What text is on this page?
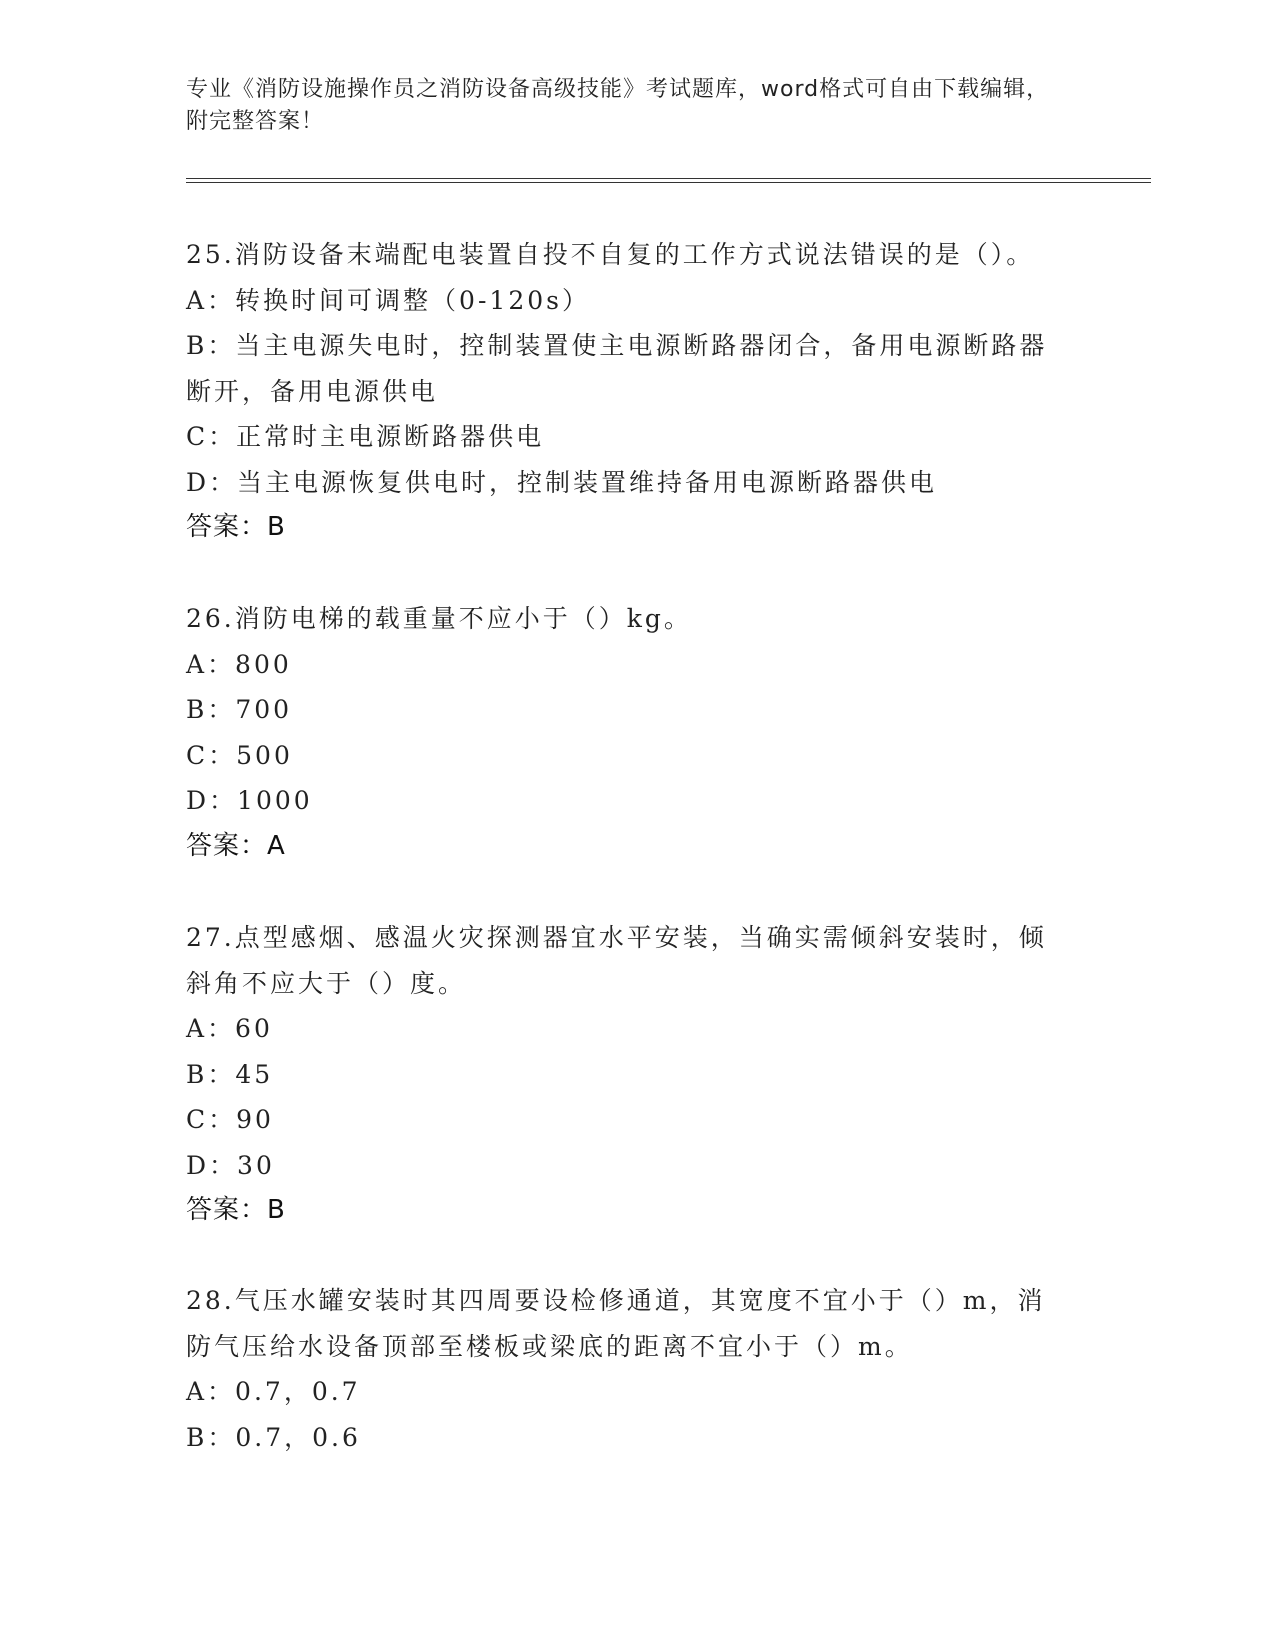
专业《消防设施操作员之消防设备高级技能》考试题库，word格式可自由下载编辑，附完整答案！

25.消防设备末端配电装置自投不自复的工作方式说法错误的是（）。

A：转换时间可调整（0-120s）

B：当主电源失电时，控制装置使主电源断路器闭合，备用电源断路器断开，备用电源供电

C：正常时主电源断路器供电

D：当主电源恢复供电时，控制装置维持备用电源断路器供电

答案：B

26.消防电梯的载重量不应小于（）kg。

A：800

B：700

C：500

D：1000

答案：A

27.点型感烟、感温火灾探测器宜水平安装，当确实需倾斜安装时，倾斜角不应大于（）度。

A：60

B：45

C：90

D：30

答案：B

28.气压水罐安装时其四周要设检修通道，其宽度不宜小于（）m，消防气压给水设备顶部至楼板或梁底的距离不宜小于（）m。

A：0.7，0.7

B：0.7，0.6
